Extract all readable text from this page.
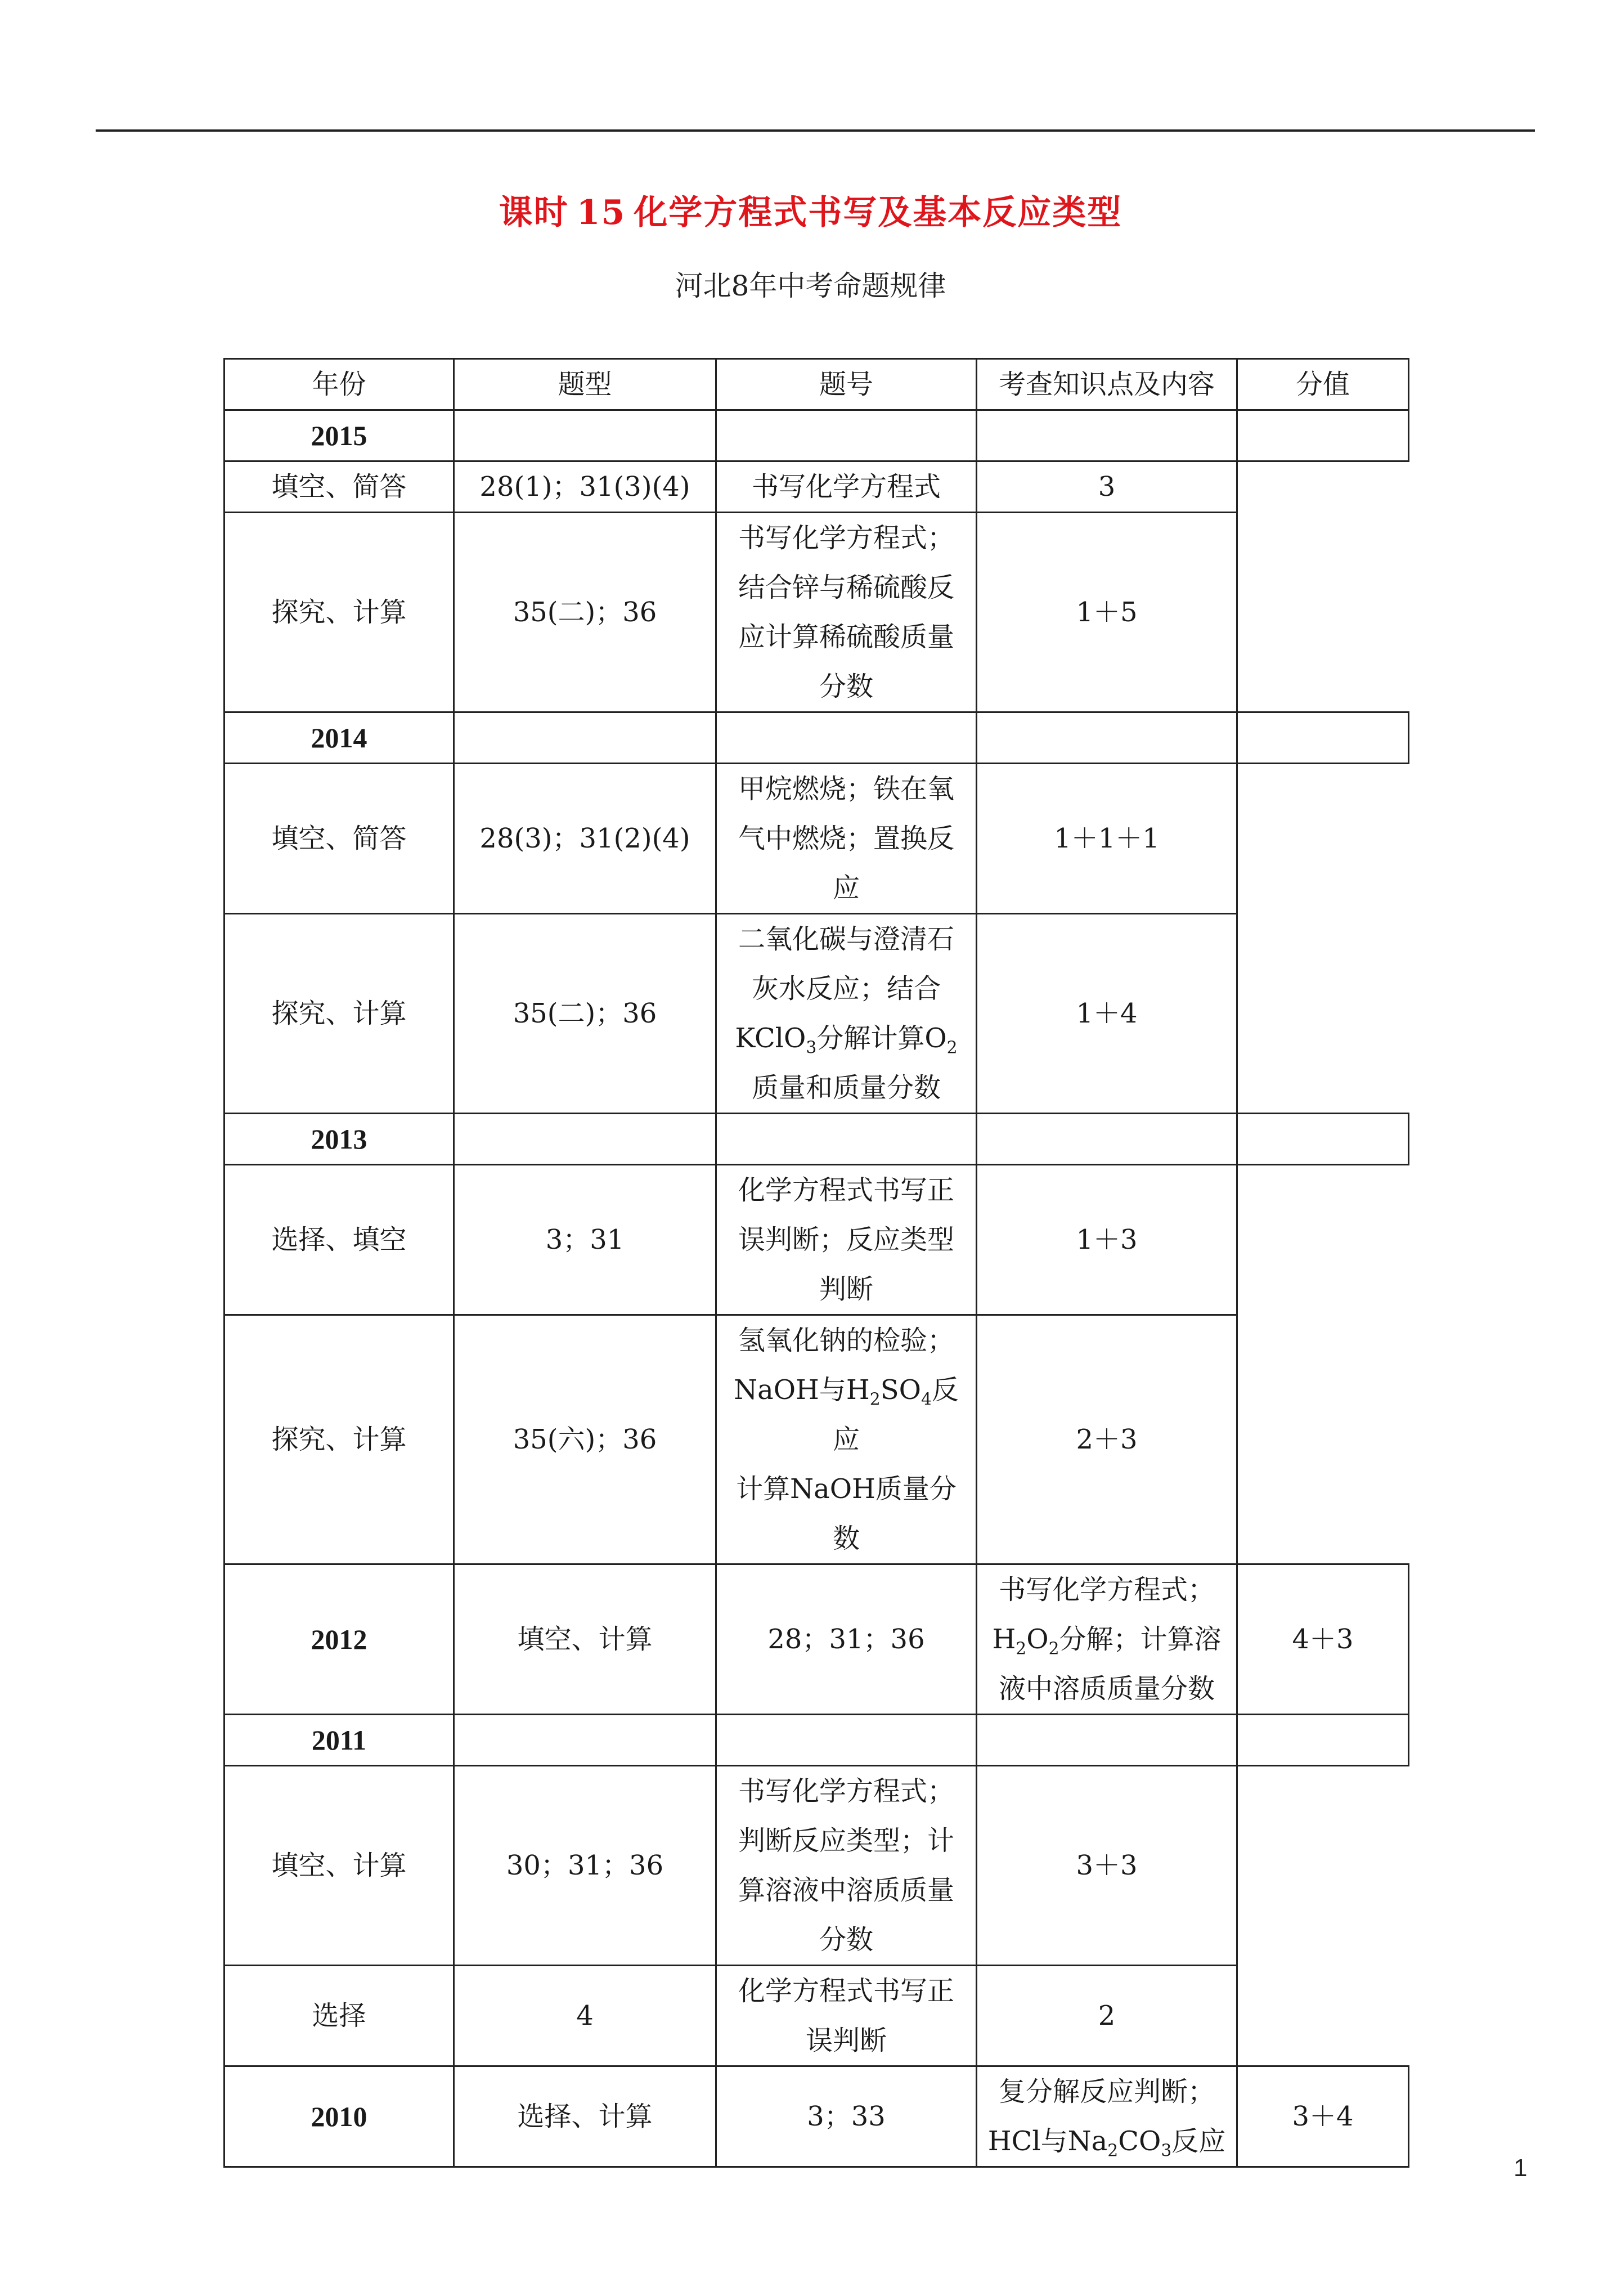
课时 15 化学方程式书写及基本反应类型
河北8年中考命题规律
年份	题型	题号	考查知识点及内容	分值
2015				
填空、简答	28(1)；31(3)(4)	书写化学方程式	3	
探究、计算	35(二)；36	书写化学方程式；
结合锌与稀硫酸反
应计算稀硫酸质量
分数	1＋5	
2014				
填空、简答	28(3)；31(2)(4)	甲烷燃烧；铁在氧
气中燃烧；置换反
应	1＋1＋1	
探究、计算	35(二)；36	二氧化碳与澄清石
灰水反应；结合
KClO$_3$分解计算$O_2$
质量和质量分数	1＋4	
2013				
选择、填空	3；31	化学方程式书写正
误判断；反应类型
判断	1＋3	
探究、计算	35(六)；36	氢氧化钠的检验；
NaOH与$H_2SO_4$反应
计算NaOH质量分
数	2＋3	
2012	填空、计算	28；31；36	书写化学方程式；
$H_2O_2$分解；计算溶
液中溶质质量分数	4＋3
2011				
填空、计算	30；31；36	书写化学方程式；
判断反应类型；计
算溶液中溶质质量
分数	3＋3	
选择	4	化学方程式书写正
误判断	2	
2010	选择、计算	3；33	复分解反应判断；
HCl与$Na_2CO_3$反应	3＋4
1
